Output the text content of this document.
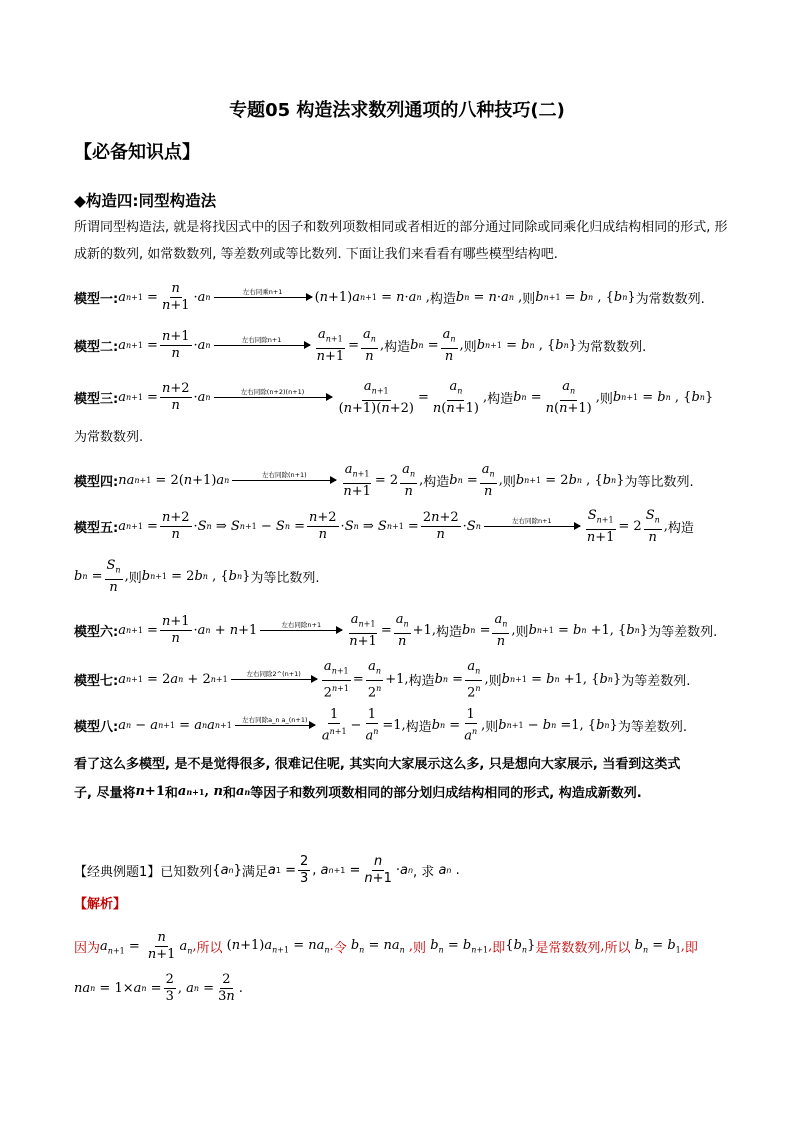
专题05 构造法求数列通项的八种技巧(二)
【必备知识点】
◆构造四:同型构造法
所谓同型构造法, 就是将找因式中的因子和数列项数相同或者相近的部分通过同除或同乘化归成结构相同的形式, 形成新的数列, 如常数数列, 等差数列或等比数列. 下面让我们来看看有哪些模型结构吧.
模型一: a $n+1 = \frac{n}{n+1} \cdot a$ n
左右同乘n+1 ( n +1) a n+1 = n · a n , 构造 b n = n · a n , 则 b n+1 = b n , { b n } 为常数数列.
模型二: a $n+1 = \frac{n+1}{n} \cdot a$ n
左右同除n+1	$\frac{a_{n+1}}{n+1} = \frac{a_n}{n}$ , 构造 b $n = \frac{a_n}{n}$ , 则 b n+1 = b n , { b n } 为常数数列.
模型三: a $n+1 = \frac{n+2}{n} \cdot a$ n
左右同除$(n+2)(n+1) \frac{a_{n+1}}{(n+1)(n+2)} = \frac{a_n}{n(n+1)}$ , 构造 b $n = \frac{a_n}{n(n+1)}$ , 则 b n+1 = b n , { b n }
为常数数列.
模型四: na n+1 = 2( n +1) a n
左右同除(n+1)	$\frac{a_{n+1}}{n+1} = 2 \frac{a_n}{n}$ , 构造 b $n = \frac{a_n}{n}$ , 则 b n+1 = 2 b n , { b n } 为等比数列.
模型五: a $n+1 = \frac{n+2}{n} \cdot S$ n ⇒ S n+1 − S $n = \frac{n+2}{n} \cdot S$ n ⇒ S $n+1 = \frac{2n+2}{n} \cdot S$ n
左右同除n+1	$\frac{S_{n+1}}{n+1} = 2 \frac{S_n}{n}$ , 构造
b $n = \frac{S_n}{n}$ , 则 b n+1 = 2 b n , { b n } 为等比数列.
模型六: a $n+1 = \frac{n+1}{n} \cdot a$ n + n +1	左右同除$n+1 \frac{a_{n+1}}{n+1} = \frac{a_n}{n} +1$, 构造 b $n = \frac{a_n}{n}$ , 则 b n+1 = b n +1, { b n } 为等差数列.
模型七: a n+1 = 2 a n + 2 n+1
左右同除2^(n+1) $\frac{a_{n+1}}{2^{n+1}} = \frac{a_n}{2^n} +1$, 构造 b $n = \frac{a_n}{2^n}$ , 则 b n+1 = b n +1, { b n } 为等差数列.
模型八: a n − a n+1 = a n a n+1
左右同除a_n a_(n+1) $\frac{1}{a^{n+1}} - \frac{1}{a^n} =1$, 构造 b $n = \frac{1}{a^n}$ , 则 b n+1 − b n =1, { b n } 为等差数列.
看了这么多模型, 是不是觉得很多, 很难记住呢, 其实向大家展示这么多, 只是想向大家展示, 当看到这类式
子, 尽量将 n +1 和 a n+1 , n 和 a n 等因子和数列项数相同的部分划归成结构相同的形式, 构造成新数列.
【经典例题1】已知数列 { a n } 满足 a $1 = \frac{2}{3}$ , a $n+1 = \frac{n}{n+1} \cdot a$ n , 求
a n .
【解析】
因为 $a_{n+1} = \frac{n}{n+1} a_n$ , 所以 $(n+1)a_{n+1} = na_n$ . 令 $b_n = na_n$ , 则 $b_n = b_{n+1}$ , 即 $\{b_n\}$ 是常数数列 , 所以 $b_n = b_1$ , 即
na n = 1× a $n = \frac{2}{3}$ , a $n = \frac{2}{3n}$ .
